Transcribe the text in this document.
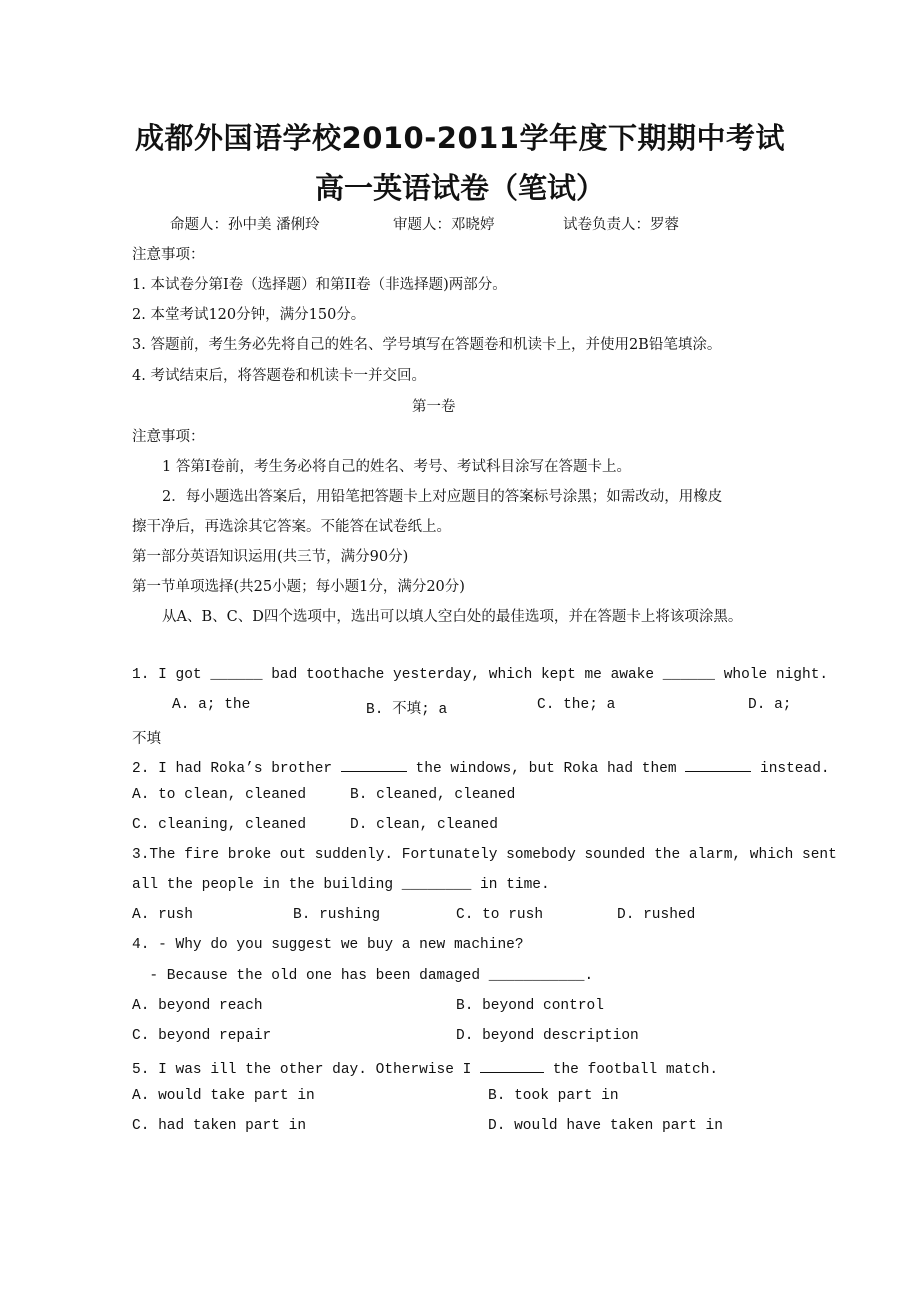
成都外国语学校2010-2011学年度下期期中考试
高一英语试卷（笔试）
命题人：孙中美 潘俐玲	审题人：邓晓婷	试卷负责人：罗蓉
注意事项：
1. 本试卷分第Ⅰ卷（选择题）和第II卷（非选择题)两部分。
2. 本堂考试120分钟，满分150分。
3. 答题前，考生务必先将自己的姓名、学号填写在答题卷和机读卡上，并使用2B铅笔填涂。
4. 考试结束后，将答题卷和机读卡一并交回。
第一卷
注意事项：
1 答第Ⅰ卷前，考生务必将自己的姓名、考号、考试科目涂写在答题卡上。
2．每小题选出答案后，用铅笔把答题卡上对应题目的答案标号涂黑；如需改动，用橡皮
擦干净后，再选涂其它答案。不能答在试卷纸上。
第一部分英语知识运用(共三节，满分90分)
第一节单项选择(共25小题；每小题1分，满分20分)
从A、B、C、D四个选项中，选出可以填人空白处的最佳选项，并在答题卡上将该项涂黑。
1. I got ______ bad toothache yesterday, which kept me awake ______ whole night.
A. a; the	B. 不填; a	C. the; a	D. a;
不填
2. I had Roka’s brother	the windows, but Roka had them	instead.
A. to clean, cleaned	B. cleaned, cleaned
C. cleaning, cleaned	D. clean, cleaned
3.The fire broke out suddenly. Fortunately somebody sounded the alarm, which sent
all the people in the building ________ in time.
A. rush	B. rushing	C. to rush	D. rushed
4. - Why do you suggest we buy a new machine?
- Because the old one has been damaged ___________.
A. beyond reach	B. beyond control
C. beyond repair	D. beyond description
5. I was ill the other day. Otherwise I	the football match.
A. would take part in	B. took part in
C. had taken part in	D. would have taken part in
